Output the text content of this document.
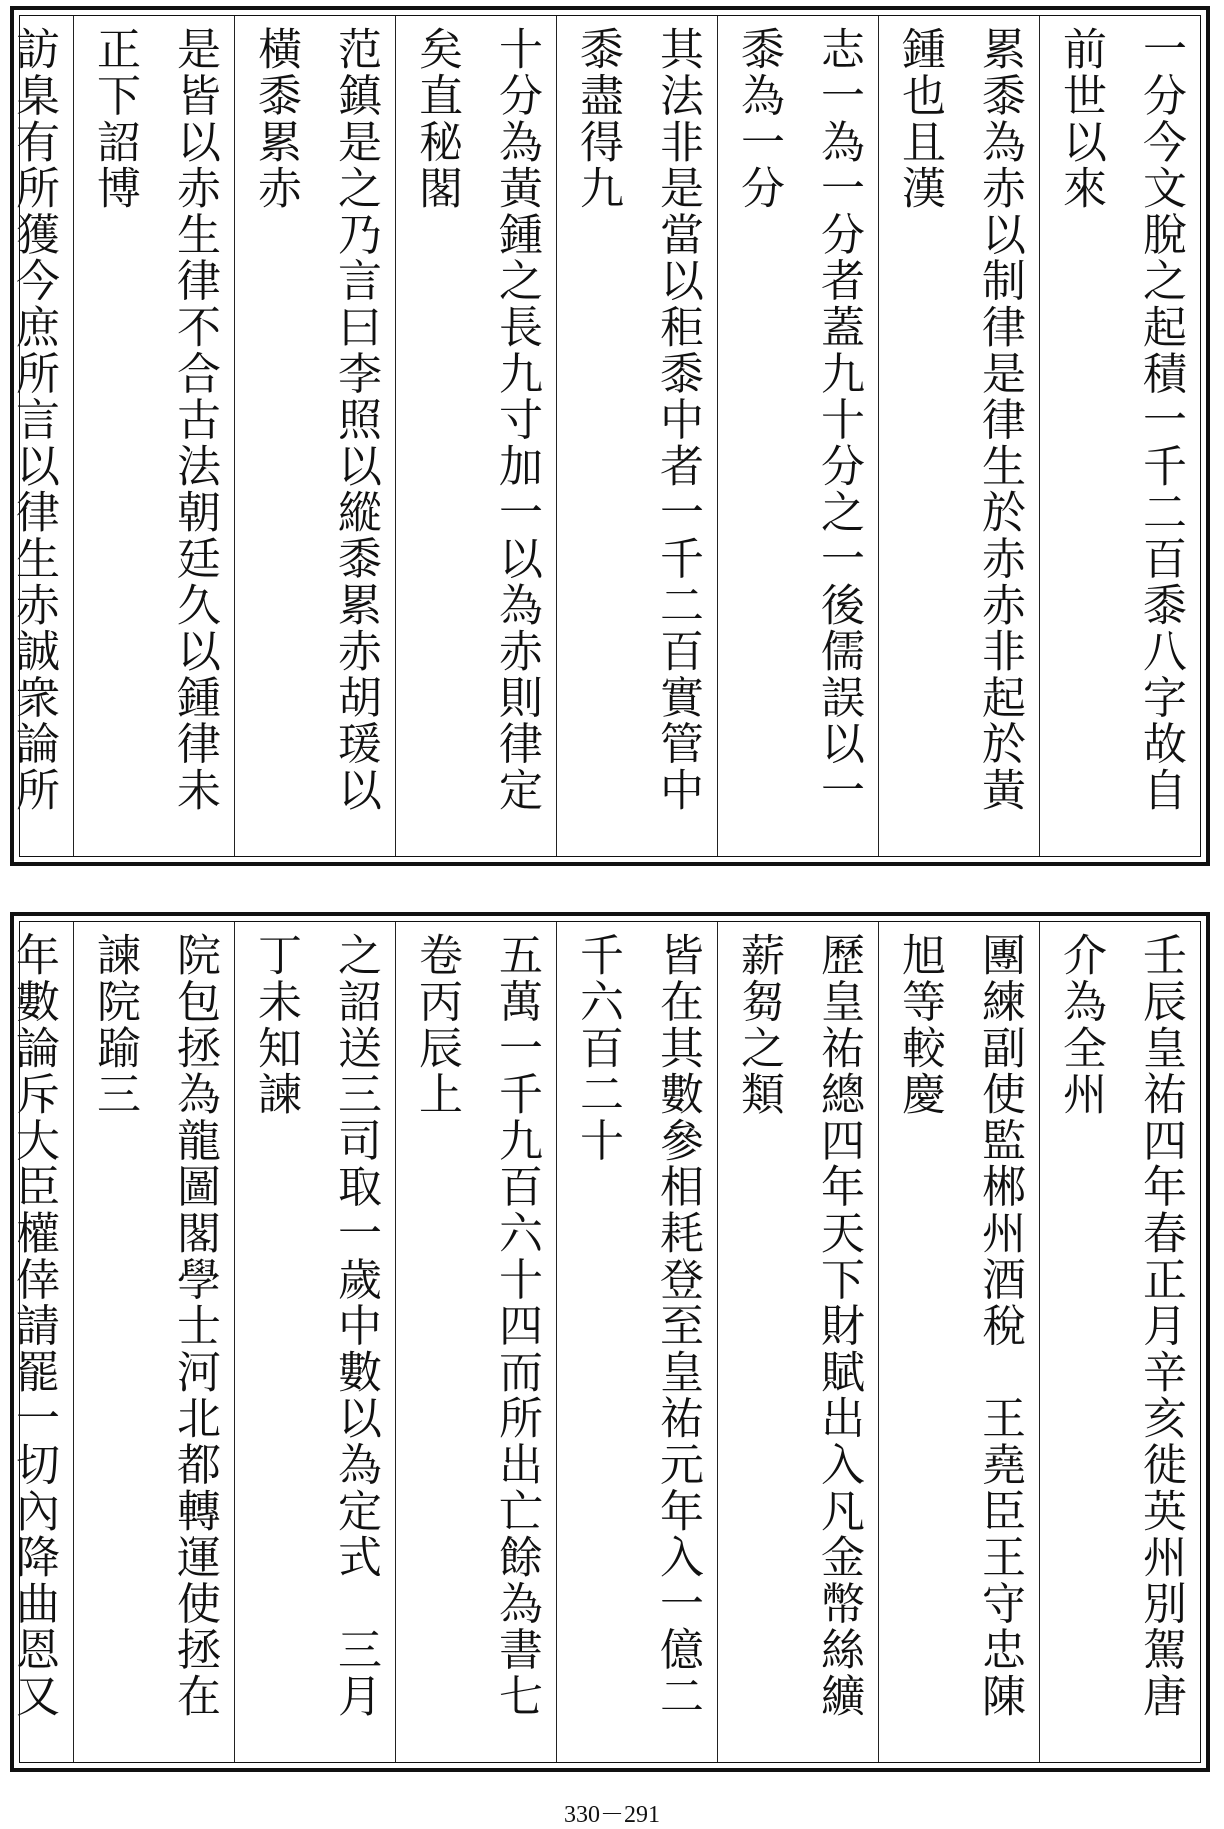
一分今文脫之起積一千二百黍八字故自前世以來
累黍為赤以制律是律生於赤赤非起於黃鍾也且漢
志一為一分者蓋九十分之一後儒誤以一黍為一分
其法非是當以秬黍中者一千二百實管中黍盡得九
十分為黃鍾之長九寸加一以為赤則律定矣直秘閣
范鎮是之乃言曰李照以縱黍累赤胡瑗以橫黍累赤
是皆以赤生律不合古法朝廷久以鍾律未正下詔博
訪臬有所獲今庶所言以律生赤誠衆論所
壬辰皇祐四年春正月辛亥徙英州別駕唐介為全州
團練副使監郴州酒稅　王堯臣王守忠陳旭等較慶
歷皇祐總四年天下財賦出入凡金幣絲纊薪芻之類
皆在其數參相耗登至皇祐元年入一億二千六百二十
五萬一千九百六十四而所出亡餘為書七卷丙辰上
之詔送三司取一歲中數以為定式　三月丁未知諫
院包拯為龍圖閣學士河北都轉運使拯在諫院踰三
年數論斥大臣權倖請罷一切內降曲恩又
330－291
